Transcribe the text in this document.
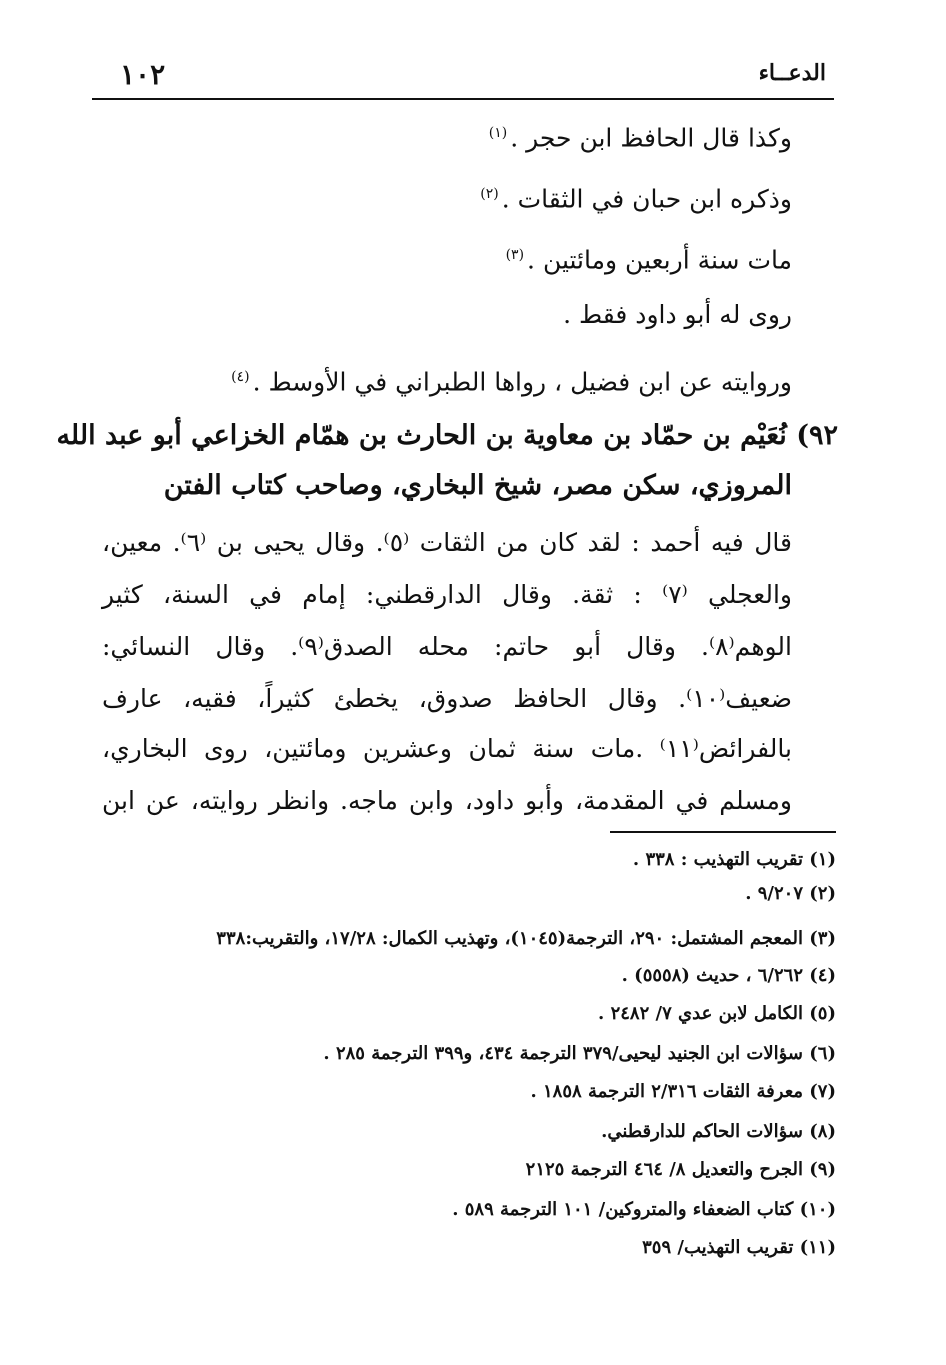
١٠٢	الدعــاء
وكذا قال الحافظ ابن حجر .$^{(١)}$
وذكره ابن حبان في الثقات .$^{(٢)}$
مات سنة أربعين ومائتين .$^{(٣)}$
روى له أبو داود فقط .
وروايته عن ابن فضيل ، رواها الطبراني في الأوسط .$^{(٤)}$
٩٢) نُعَيْم بن حمّاد بن معاوية بن الحارث بن همّام الخزاعي أبو عبد الله
المروزي، سكن مصر، شيخ البخاري، وصاحب كتاب الفتن
قال فيه أحمد : لقد كان من الثقات ⁽٥⁾. وقال يحيى بن ⁽٦⁾. معين،
والعجلي ⁽٧⁾ : ثقة. وقال الدارقطني: إمام في السنة، كثير
الوهم⁽٨⁾. وقال أبو حاتم: محله الصدق⁽٩⁾. وقال النسائي:
ضعيف⁽١٠⁾. وقال الحافظ صدوق، يخطئ كثيراً، فقيه، عارف
بالفرائض⁽١١⁾ .مات سنة ثمان وعشرين ومائتين، روى البخاري،
ومسلم في المقدمة، وأبو داود، وابن ماجه. وانظر روايته، عن ابن
(١) تقريب التهذيب : ٣٣٨ .
(٢) ٩/٢٠٧ .
(٣) المعجم المشتمل: ٢٩٠، الترجمة(١٠٤٥)، وتهذيب الكمال: ١٧/٢٨، والتقريب:٣٣٨
(٤) ٦/٢٦٢ ، حديث (٥٥٥٨) .
(٥) الكامل لابن عدي ٧/ ٢٤٨٢ .
(٦) سؤالات ابن الجنيد ليحيى/٣٧٩ الترجمة ٤٣٤، و٣٩٩ الترجمة ٢٨٥ .
(٧) معرفة الثقات ٢/٣١٦ الترجمة ١٨٥٨ .
(٨) سؤالات الحاكم للدارقطني.
(٩) الجرح والتعديل ٨/ ٤٦٤ الترجمة ٢١٢٥
(١٠) كتاب الضعفاء والمتروكين/ ١٠١ الترجمة ٥٨٩ .
(١١) تقريب التهذيب/ ٣٥٩
